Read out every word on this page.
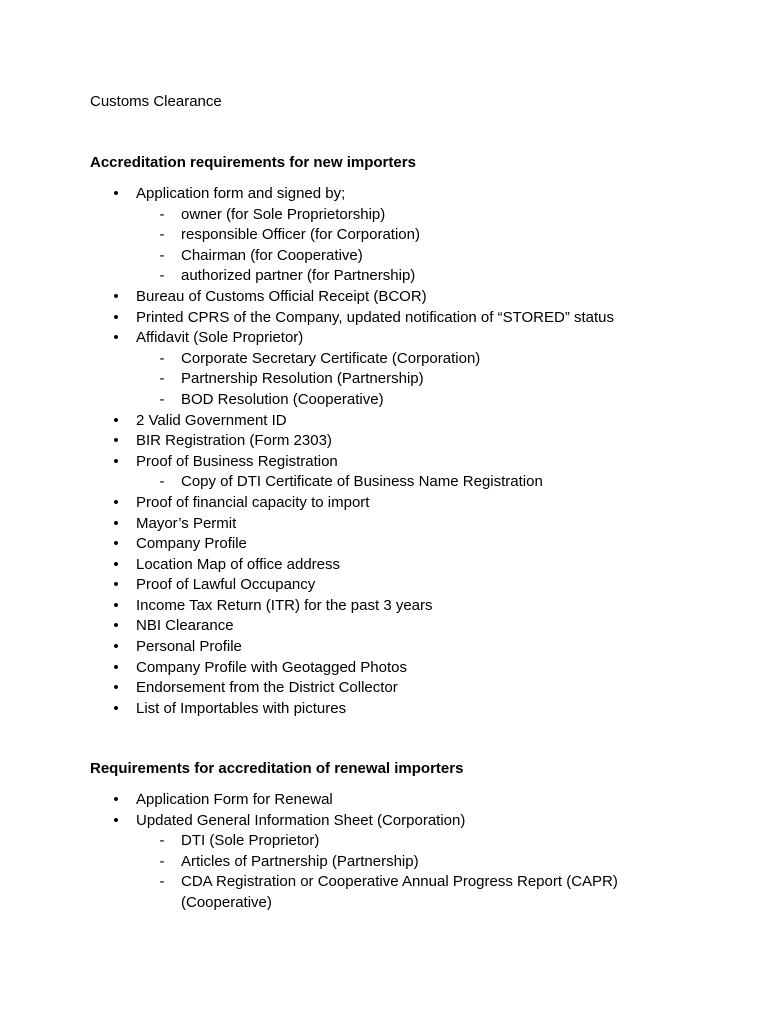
Customs Clearance
Accreditation requirements for new importers
• Application form and signed by;
- owner (for Sole Proprietorship)
- responsible Officer (for Corporation)
- Chairman (for Cooperative)
- authorized partner (for Partnership)
• Bureau of Customs Official Receipt (BCOR)
• Printed CPRS of the Company, updated notification of “STORED” status
• Affidavit (Sole Proprietor)
- Corporate Secretary Certificate (Corporation)
- Partnership Resolution (Partnership)
- BOD Resolution (Cooperative)
• 2 Valid Government ID
• BIR Registration (Form 2303)
• Proof of Business Registration
- Copy of DTI Certificate of Business Name Registration
• Proof of financial capacity to import
• Mayor’s Permit
• Company Profile
• Location Map of office address
• Proof of Lawful Occupancy
• Income Tax Return (ITR) for the past 3 years
• NBI Clearance
• Personal Profile
• Company Profile with Geotagged Photos
• Endorsement from the District Collector
• List of Importables with pictures
Requirements for accreditation of renewal importers
• Application Form for Renewal
• Updated General Information Sheet (Corporation)
- DTI (Sole Proprietor)
- Articles of Partnership (Partnership)
- CDA Registration or Cooperative Annual Progress Report (CAPR) (Cooperative)
